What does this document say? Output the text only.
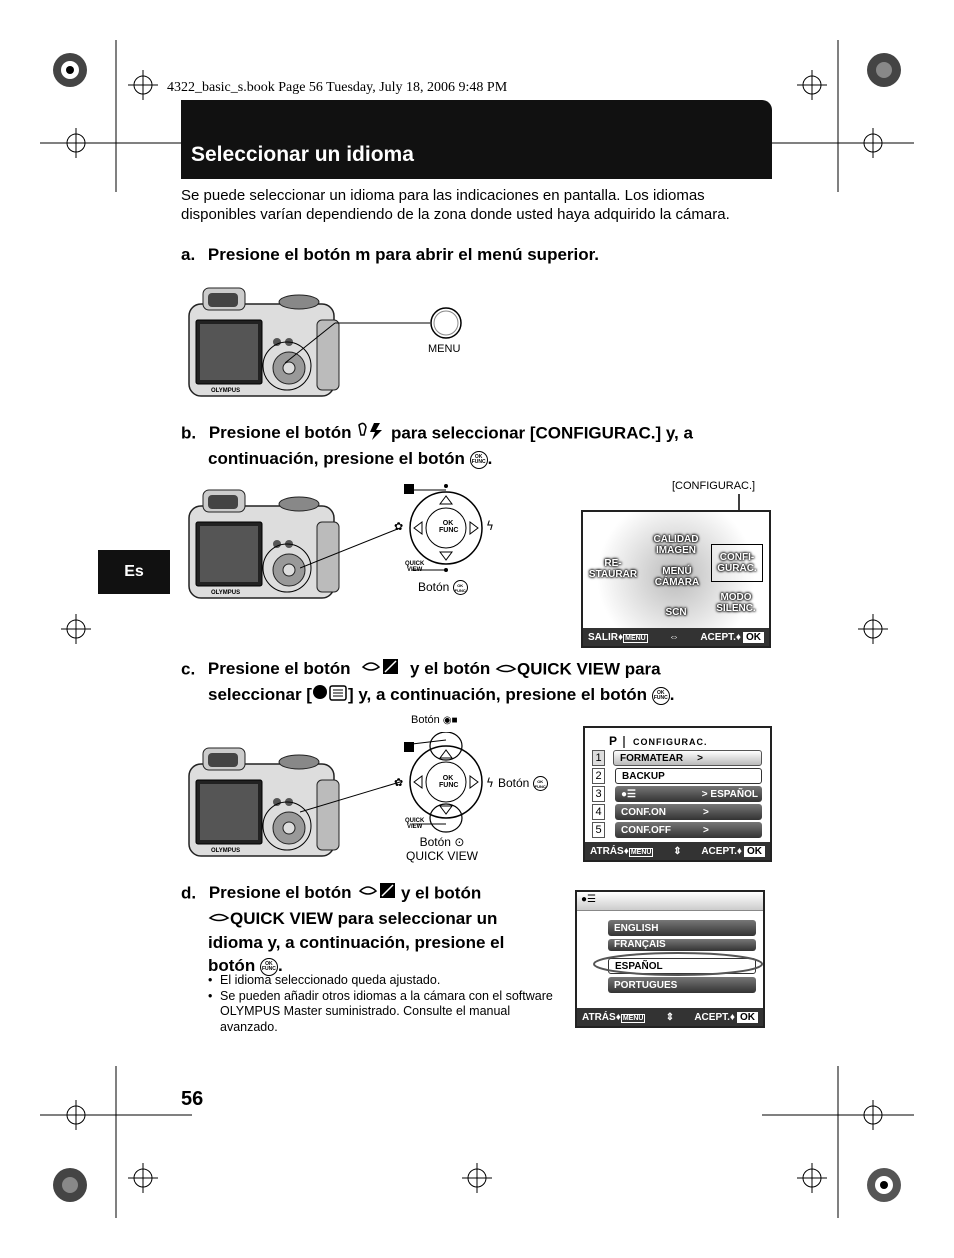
4322_basic_s.book Page 56 Tuesday, July 18, 2006 9:48 PM
Seleccionar un idioma
Se puede seleccionar un idioma para las indicaciones en pantalla. Los idiomas disponibles varían dependiendo de la zona donde usted haya adquirido la cámara.
Es
a. Presione el botón m para abrir el menú superior.
MENU
b. Presione el botón para seleccionar [CONFIGURAC.] y, a
continuación, presione el botón OK
FUNC .
✿	ϟ
OK
FUNC
QUICK
VIEW
Botón OK
FUNC
[CONFIGURAC.]
CALIDAD IMAGEN
RE- STAURAR	MENÚ CÁMARA
CONFI- GURAC.
SCN
MODO SILENC.
SALIR♦ MENU ⇔ ACEPT.♦ OK
c. Presione el botón	y el botón QUICK VIEW para
seleccionar [ ] y, a continuación, presione el botón OK
FUNC .
Botón ◉■
✿	ϟ
OK
FUNC
QUICK
VIEW
Botón OK
FUNC
Botón ⊙
QUICK VIEW
P CONFIGURAC.
1	FORMATEAR >
2	BACKUP
3	●☰	> ESPAÑOL
4	CONF.ON	>
5	CONF.OFF	>
ATRÁS♦ MENU ⇕ ACEPT.♦ OK
d. Presione el botón	y el botón
QUICK VIEW para seleccionar un
idioma y, a continuación, presione el
botón OK
FUNC .
• El idioma seleccionado queda ajustado.
• Se pueden añadir otros idiomas a la cámara con el software OLYMPUS Master suministrado. Consulte el manual avanzado.
●☰
ENGLISH
FRANÇAIS
ESPAÑOL
PORTUGUES
ATRÁS♦ MENU ⇕ ACEPT.♦ OK
56
